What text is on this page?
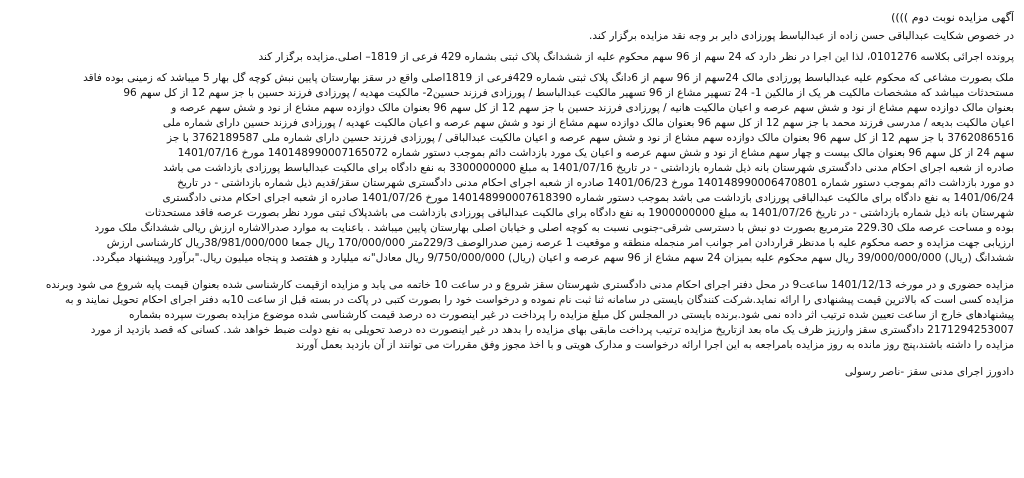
آگهی مزایده نوبت دوم ))))
در خصوص شکایت عبدالباقی حسن زاده از عبدالباسط پورزادی دایر بر وجه نقد مزایده برگزار کند.
پرونده اجرائی بکلاسه 0101276، لذا این اجرا در نظر دارد که 24 سهم از 96 سهم محکوم علیه از ششدانگ پلاک ثبتی بشماره 429 فرعی از 1819– اصلی.مزایده برگزار کند
ملک بصورت مشاعی که محکوم علیه عبدالباسط پورزادی مالک 24سهم از 96 سهم از 6دانگ پلاک ثبتی شماره 429فرعی از 1819اصلی واقع در سقز بهارستان پایین نبش کوچه گل بهار 5 میباشد که زمینی بوده فاقد
مستحدثات میباشد که مشخصات مالکیت هر یک از مالکین 1- 24 تسهیر مشاع از 96 تسهیر مالکیت عبدالباسط / پورزادی فرزند حسین2- مالکیت مهدیه / پورزادی فرزند حسین با جز سهم 12 از کل سهم 96
بعنوان مالک دوازده سهم مشاع از نود و شش سهم عرصه و اعیان مالکیت هانیه / پورزادی فرزند حسین با جز سهم 12 از کل سهم 96 بعنوان مالک دوازده سهم مشاع از نود و شش سهم عرصه و
اعیان مالکیت بدیعه / مدرسی فرزند محمد با جز سهم 12 از کل سهم 96 بعنوان مالک دوازده سهم مشاع از نود و شش سهم عرصه و اعیان مالکیت عهدیه / پورزادی فرزند حسین دارای شماره ملی
3762086516 با جز سهم 12 از کل سهم 96 بعنوان مالک دوازده سهم مشاع از نود و شش سهم عرصه و اعیان مالکیت عبدالباقی / پورزادی فرزند حسین دارای شماره ملی 3762189587 با جز
سهم 24 از کل سهم 96 بعنوان مالک بیست و چهار سهم مشاع از نود و شش سهم عرصه و اعیان یک مورد بازداشت دائم بموجب دستور شماره 14014899000716507​2 مورخ 1401/07/16
صادره از شعبه اجرای احکام مدنی دادگستری شهرستان بانه ذیل شماره بازداشتی - در تاریخ 1401/07/16 به مبلغ 3300000000 به نفع دادگاه برای مالکیت عبدالباسط پورزادی بازداشت می باشد
دو مورد بازداشت دائم بموجب دستور شماره 14014899000647080​1 مورخ 1401/06/23 صادره از شعبه اجرای احکام مدنی دادگستری شهرستان سقز/قدیم ذیل شماره بازداشتی - در تاریخ
1401/06/24 به نفع دادگاه برای مالکیت عبدالباقی پورزادی بازداشت می باشد بموجب دستور شماره 14014899000761839​0 مورخ 1401/07/26 صادره از شعبه اجرای احکام مدنی دادگستری
شهرستان بانه ذیل شماره بازداشتی - در تاریخ 1401/07/26 به مبلغ 1900000000 به نفع دادگاه برای مالکیت عبدالباقی پورزادی بازداشت می باشدپلاک ثبتی مورد نظر بصورت عرصه فاقد مستحدثات
بوده و مساحت عرصه ملک 229.30 مترمربع بصورت دو نبش با دسترسی شرقی-جنوبی نسبت به کوچه اصلی و خیابان اصلی بهارستان پایین میباشد . باعنایت به موارد صدرالاشاره ارزش ریالی ششدانگ ملک مورد
ارزیابی جهت مزایده و حصه محکوم علیه با مدنظر قراردادن امر جوانب امر منجمله منطقه و موقعیت 1 عرصه زمین صدرالوصف 229/3متر 170/000/000 ریال جمعا 38/981/000/000ریال کارشناسی ارزش
ششدانگ (ریال) 39/000/000/000 ریال سهم محکوم علیه بمیزان 24 سهم مشاع از 96 سهم عرصه و اعیان (ریال) 9/750/000/000 ریال معادل"نه میلیارد و هفتصد و پنجاه میلیون ریال."برآورد وپیشنهاد میگردد.
مزایده حضوری و در مورخه 1401/12/13 ساعت9 در محل دفتر اجرای احکام مدنی دادگستری شهرستان سقز شروع و در ساعت 10 خاتمه می یابد و مزایده ازقیمت کارشناسی شده بعنوان قیمت پایه شروع می شود وبرنده
مزایده کسی است که بالاترین قیمت پیشنهادی را ارائه نماید.شرکت کنندگان بایستی در سامانه ثنا ثبت نام نموده و درخواست خود را بصورت کتبی در پاکت در بسته قبل از ساعت 10به دفتر اجرای احکام تحویل نمایند و به
پیشنهادهای خارج از ساعت تعیین شده ترتیب اثر داده نمی شود.برنده بایستی در المجلس کل مبلغ مزایده را پرداخت در غیر اینصورت ده درصد قیمت کارشناسی شده موضوع مزایده بصورت سپرده بشماره
2171294253007 دادگستری سقز وارزیز ظرف یک ماه بعد ازتاریخ مزایده ترتیب پرداخت مابقی بهای مزایده را بدهد در غیر اینصورت ده درصد تحویلی به نفع دولت ضبط خواهد شد. کسانی که قصد بازدید از مورد
مزایده را داشته باشند،پنج روز مانده به روز مزایده بامراجعه به این اجرا ارائه درخواست و مدارک هویتی و با اخذ مجوز وفق مقررات می توانند از آن بازدید بعمل آورند
دادورز اجرای مدنی سقز -ناصر رسولی
